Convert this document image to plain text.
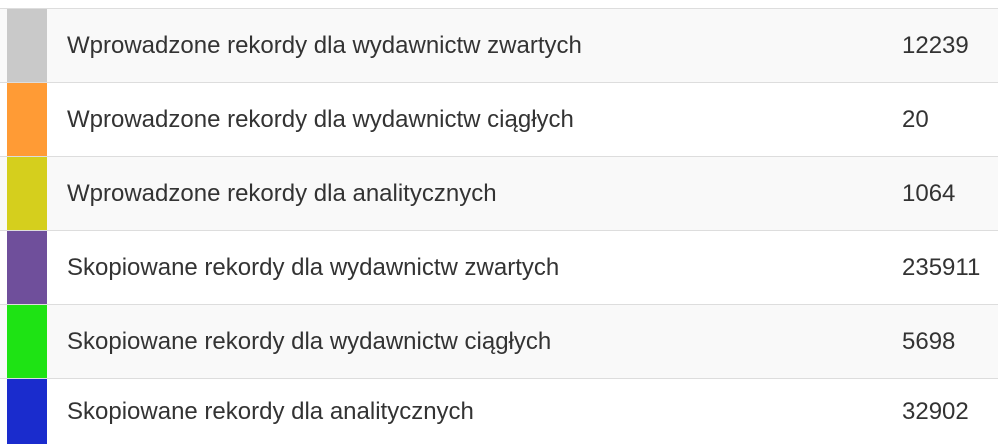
Wprowadzone rekordy dla wydawnictw zwartych	12239
Wprowadzone rekordy dla wydawnictw ciągłych	20
Wprowadzone rekordy dla analitycznych	1064
Skopiowane rekordy dla wydawnictw zwartych	235911
Skopiowane rekordy dla wydawnictw ciągłych	5698
Skopiowane rekordy dla analitycznych	32902
